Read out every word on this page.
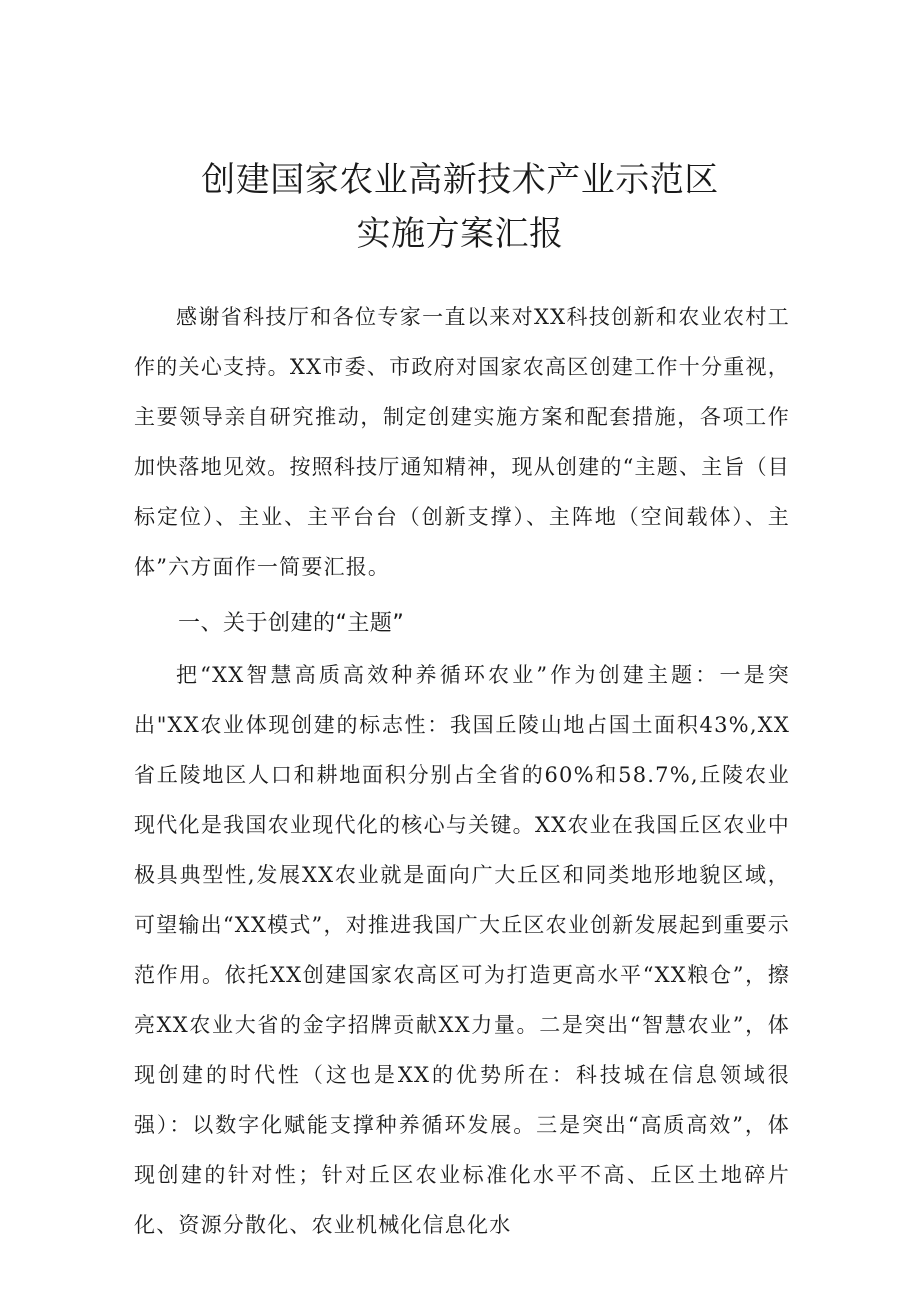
创建国家农业高新技术产业示范区
实施方案汇报
感谢省科技厅和各位专家一直以来对XX科技创新和农业农村工作的关心支持。XX市委、市政府对国家农高区创建工作十分重视，主要领导亲自研究推动，制定创建实施方案和配套措施，各项工作加快落地见效。按照科技厅通知精神，现从创建的“主题、主旨（目标定位）、主业、主平台台（创新支撑）、主阵地（空间载体）、主体”六方面作一简要汇报。
一、关于创建的“主题”
把“XX智慧高质高效种养循环农业”作为创建主题：一是突出"XX农业体现创建的标志性：我国丘陵山地占国土面积43%,XX省丘陵地区人口和耕地面积分别占全省的60%和58.7%,丘陵农业现代化是我国农业现代化的核心与关键。XX农业在我国丘区农业中极具典型性,发展XX农业就是面向广大丘区和同类地形地貌区域，可望输出“XX模式”，对推进我国广大丘区农业创新发展起到重要示范作用。依托XX创建国家农高区可为打造更高水平“XX粮仓”，擦亮XX农业大省的金字招牌贡献XX力量。二是突出“智慧农业”，体现创建的时代性（这也是XX的优势所在：科技城在信息领域很强）：以数字化赋能支撑种养循环发展。三是突出“高质高效”，体现创建的针对性；针对丘区农业标准化水平不高、丘区土地碎片化、资源分散化、农业机械化信息化水
